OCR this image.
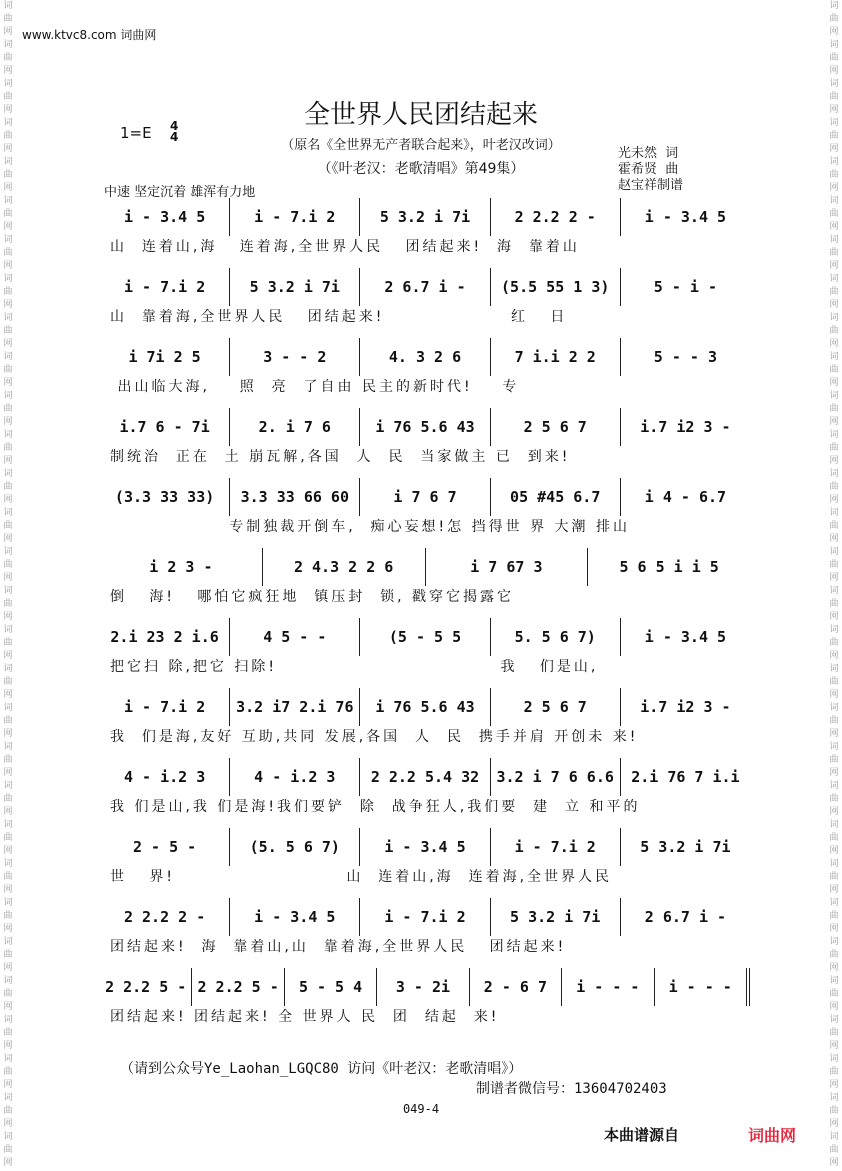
www.ktvc8.com 词曲网
词曲网词曲网词曲网词曲网词曲网词曲网词曲网词曲网词曲网词曲网词曲网词曲网词曲网词曲网词曲网词曲网词曲网词曲网词曲网词曲网词曲网词曲网词曲网词曲网词曲网词曲网词曲网词曲网词曲网词曲网
词曲网词曲网词曲网词曲网词曲网词曲网词曲网词曲网词曲网词曲网词曲网词曲网词曲网词曲网词曲网词曲网词曲网词曲网词曲网词曲网词曲网词曲网词曲网词曲网词曲网词曲网词曲网词曲网词曲网词曲网
全世界人民团结起来
1=E 4
4
（原名《全世界无产者联合起来》，叶老汉改词）
（《叶老汉：老歌清唱》第49集）
光未然  词
霍希贤  曲
赵宝祥制谱
中速 坚定沉着 雄浑有力地
i - 3.4 5	i - 7.i 2	5 3.2 i 7i	2 2.2 2 -	i - 3.4 5
山  连着山,海   连着海,全世界人民   团结起来!  海  靠着山
i - 7.i 2	5 3.2 i 7i	2 6.7 i -	(5.5 55 1 3)	5 - i -
山  靠着海,全世界人民   团结起来!                 红   日
i 7i 2 5	3 - - 2	4. 3 2 6	7 i.i 2 2	5 - - 3
出山临大海,    照  亮  了自由 民主的新时代!    专
i.7 6 - 7i	2. i 7 6	i 76 5.6 43	2 5 6 7	i.7 i2 3 -
制统治  正在  土 崩瓦解,各国  人  民  当家做主 已  到来!
(3.3 33 33)	3.3 33 66 60	i 7 6 7	05 #45 6.7	i 4 - 6.7
专制独裁开倒车,  痴心妄想!怎 挡得世 界 大潮 排山
i 2 3 -	2 4.3 2 2 6	i 7 67 3	5 6 5 i i 5
倒   海!   哪怕它疯狂地  镇压封  锁, 戳穿它揭露它
2.i 23 2 i.6	4 5 - -	(5 - 5 5	5. 5 6 7)	i - 3.4 5
把它扫 除,把它 扫除!                              我   们是山,
i - 7.i 2	3.2 i7 2.i 76	i 76 5.6 43	2 5 6 7	i.7 i2 3 -
我  们是海,友好 互助,共同 发展,各国  人  民  携手并肩 开创未 来!
4 - i.2 3	4 - i.2 3	2 2.2 5.4 32	3.2 i 7 6 6.6	2.i 76 7 i.i
我 们是山,我 们是海!我们要铲  除  战争狂人,我们要  建  立 和平的
2 - 5 -	(5. 5 6 7)	i - 3.4 5	i - 7.i 2	5 3.2 i 7i
世   界!                       山  连着山,海  连着海,全世界人民
2 2.2 2 -	i - 3.4 5	i - 7.i 2	5 3.2 i 7i	2 6.7 i -
团结起来!  海  靠着山,山  靠着海,全世界人民   团结起来!
2 2.2 5 - 2 2.2 5 -	5 - 5 4	3 - 2i	2 - 6 7	i - - -	i - - -
团结起来! 团结起来! 全 世界人 民  团  结起  来!
（请到公众号Ye_Laohan_LGQC80 访问《叶老汉：老歌清唱》）
制谱者微信号：13604702403
049-4
本曲谱源自	词曲网
